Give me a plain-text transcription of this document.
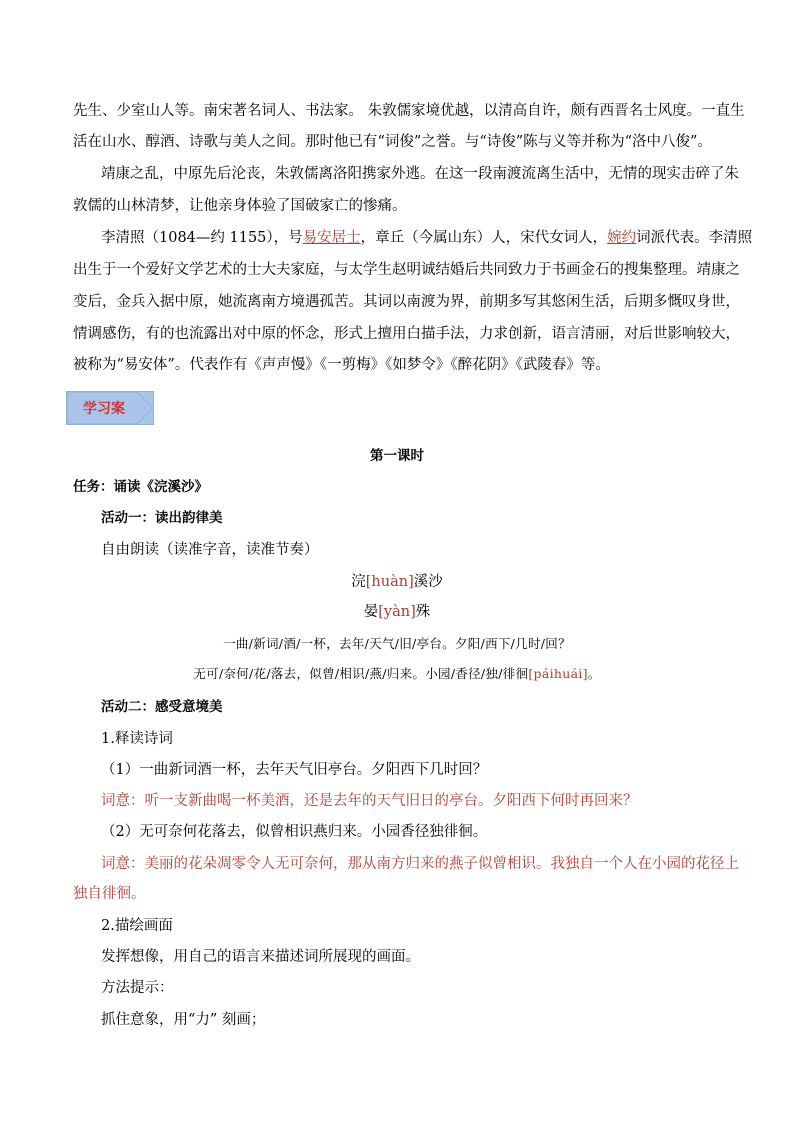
先生、少室山人等。南宋著名词人、书法家。 朱敦儒家境优越，以清高自许，颇有西晋名士风度。一直生
活在山水、醇酒、诗歌与美人之间。那时他已有“词俊”之誉。与“诗俊”陈与义等并称为“洛中八俊”。
靖康之乱，中原先后沦丧，朱敦儒离洛阳携家外逃。在这一段南渡流离生活中，无情的现实击碎了朱
敦儒的山林清梦，让他亲身体验了国破家亡的惨痛。
李清照（1084—约 1155），号易安居士，章丘（今属山东）人，宋代女词人，婉约词派代表。李清照
出生于一个爱好文学艺术的士大夫家庭，与太学生赵明诚结婚后共同致力于书画金石的搜集整理。靖康之
变后，金兵入据中原，她流离南方境遇孤苦。其词以南渡为界，前期多写其悠闲生活，后期多慨叹身世，
情调感伤，有的也流露出对中原的怀念，形式上擅用白描手法，力求创新，语言清丽，对后世影响较大，
被称为“易安体”。代表作有《声声慢》《一剪梅》《如梦令》《醉花阴》《武陵春》等。
学习案
第一课时
任务：诵读《浣溪沙》
活动一：读出韵律美
自由朗读（读准字音，读准节奏）
浣[huàn]溪沙
晏[yàn]殊
一曲/新词/酒/一杯，去年/天气/旧/亭台。夕阳/西下/几时/回？
无可/奈何/花/落去，似曾/相识/燕/归来。小园/香径/独/徘徊[páihuái]。
活动二：感受意境美
1.释读诗词
（1）一曲新词酒一杯，去年天气旧亭台。夕阳西下几时回？
词意：听一支新曲喝一杯美酒，还是去年的天气旧日的亭台。夕阳西下何时再回来？
（2）无可奈何花落去，似曾相识燕归来。小园香径独徘徊。
词意：美丽的花朵凋零令人无可奈何，那从南方归来的燕子似曾相识。我独自一个人在小园的花径上
独自徘徊。
2.描绘画面
发挥想像，用自己的语言来描述词所展现的画面。
方法提示：
抓住意象，用“力” 刻画；
